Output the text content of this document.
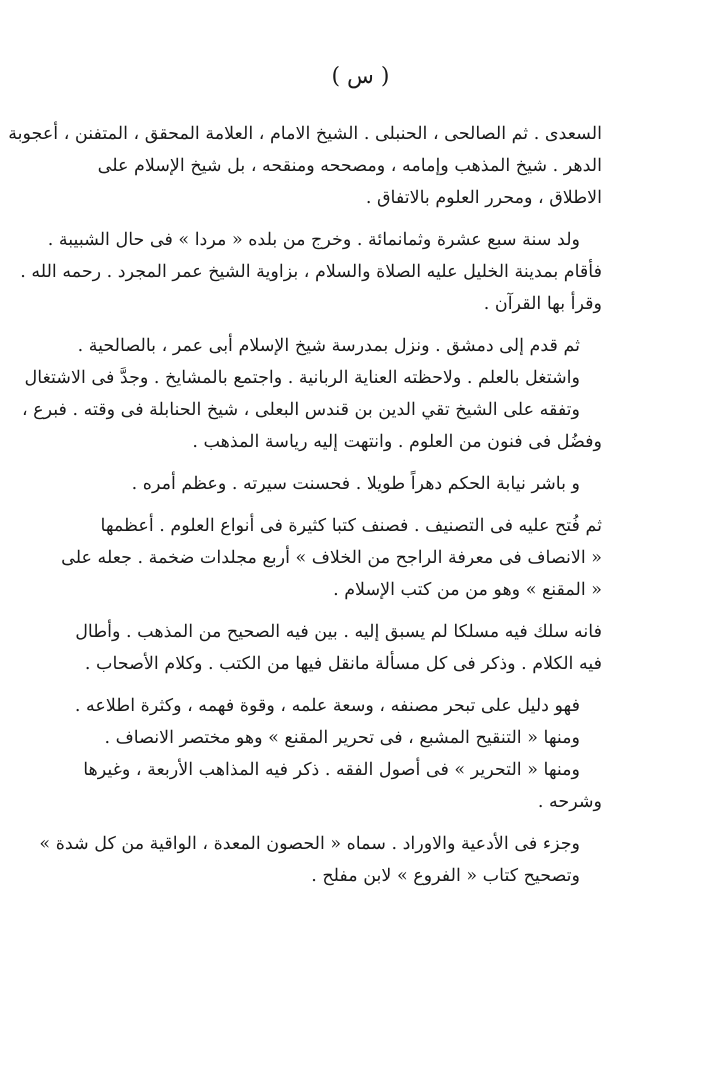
( س )
السعدى . ثم الصالحى ، الحنبلى . الشيخ الامام ، العلامة المحقق ، المتفنن ، أعجوبة
الدهر . شيخ المذهب وإمامه ، ومصححه ومنقحه ، بل شيخ الإسلام على
الاطلاق ، ومحرر العلوم بالاتفاق .
ولد سنة سبع عشرة وثمانمائة . وخرج من بلده « مردا » فى حال الشبيبة .
فأقام بمدينة الخليل عليه الصلاة والسلام ، بزاوية الشيخ عمر المجرد . رحمه الله .
وقرأ بها القرآن .
ثم قدم إلى دمشق . ونزل بمدرسة شيخ الإسلام أبى عمر ، بالصالحية .
واشتغل بالعلم . ولاحظته العناية الربانية . واجتمع بالمشايخ . وجدَّ فى الاشتغال
وتفقه على الشيخ تقي الدين بن قندس البعلى ، شيخ الحنابلة فى وقته . فبرع ،
وفضُل فى فنون من العلوم . وانتهت إليه رياسة المذهب .
و باشر نيابة الحكم دهراً طويلا . فحسنت سيرته . وعظم أمره .
ثم فُتح عليه فى التصنيف . فصنف كتبا كثيرة فى أنواع العلوم . أعظمها
« الانصاف فى معرفة الراجح من الخلاف » أربع مجلدات ضخمة . جعله على
« المقنع » وهو من من كتب الإسلام .
فانه سلك فيه مسلكا لم يسبق إليه . بين فيه الصحيح من المذهب . وأطال
فيه الكلام . وذكر فى كل مسألة مانقل فيها من الكتب . وكلام الأصحاب .
فهو دليل على تبحر مصنفه ، وسعة علمه ، وقوة فهمه ، وكثرة اطلاعه .
ومنها « التنقيح المشبع ، فى تحرير المقنع » وهو مختصر الانصاف .
ومنها « التحرير » فى أصول الفقه . ذكر فيه المذاهب الأربعة ، وغيرها
وشرحه .
وجزء فى الأدعية والاوراد . سماه « الحصون المعدة ، الواقية من كل شدة »
وتصحيح كتاب « الفروع » لابن مفلح .
